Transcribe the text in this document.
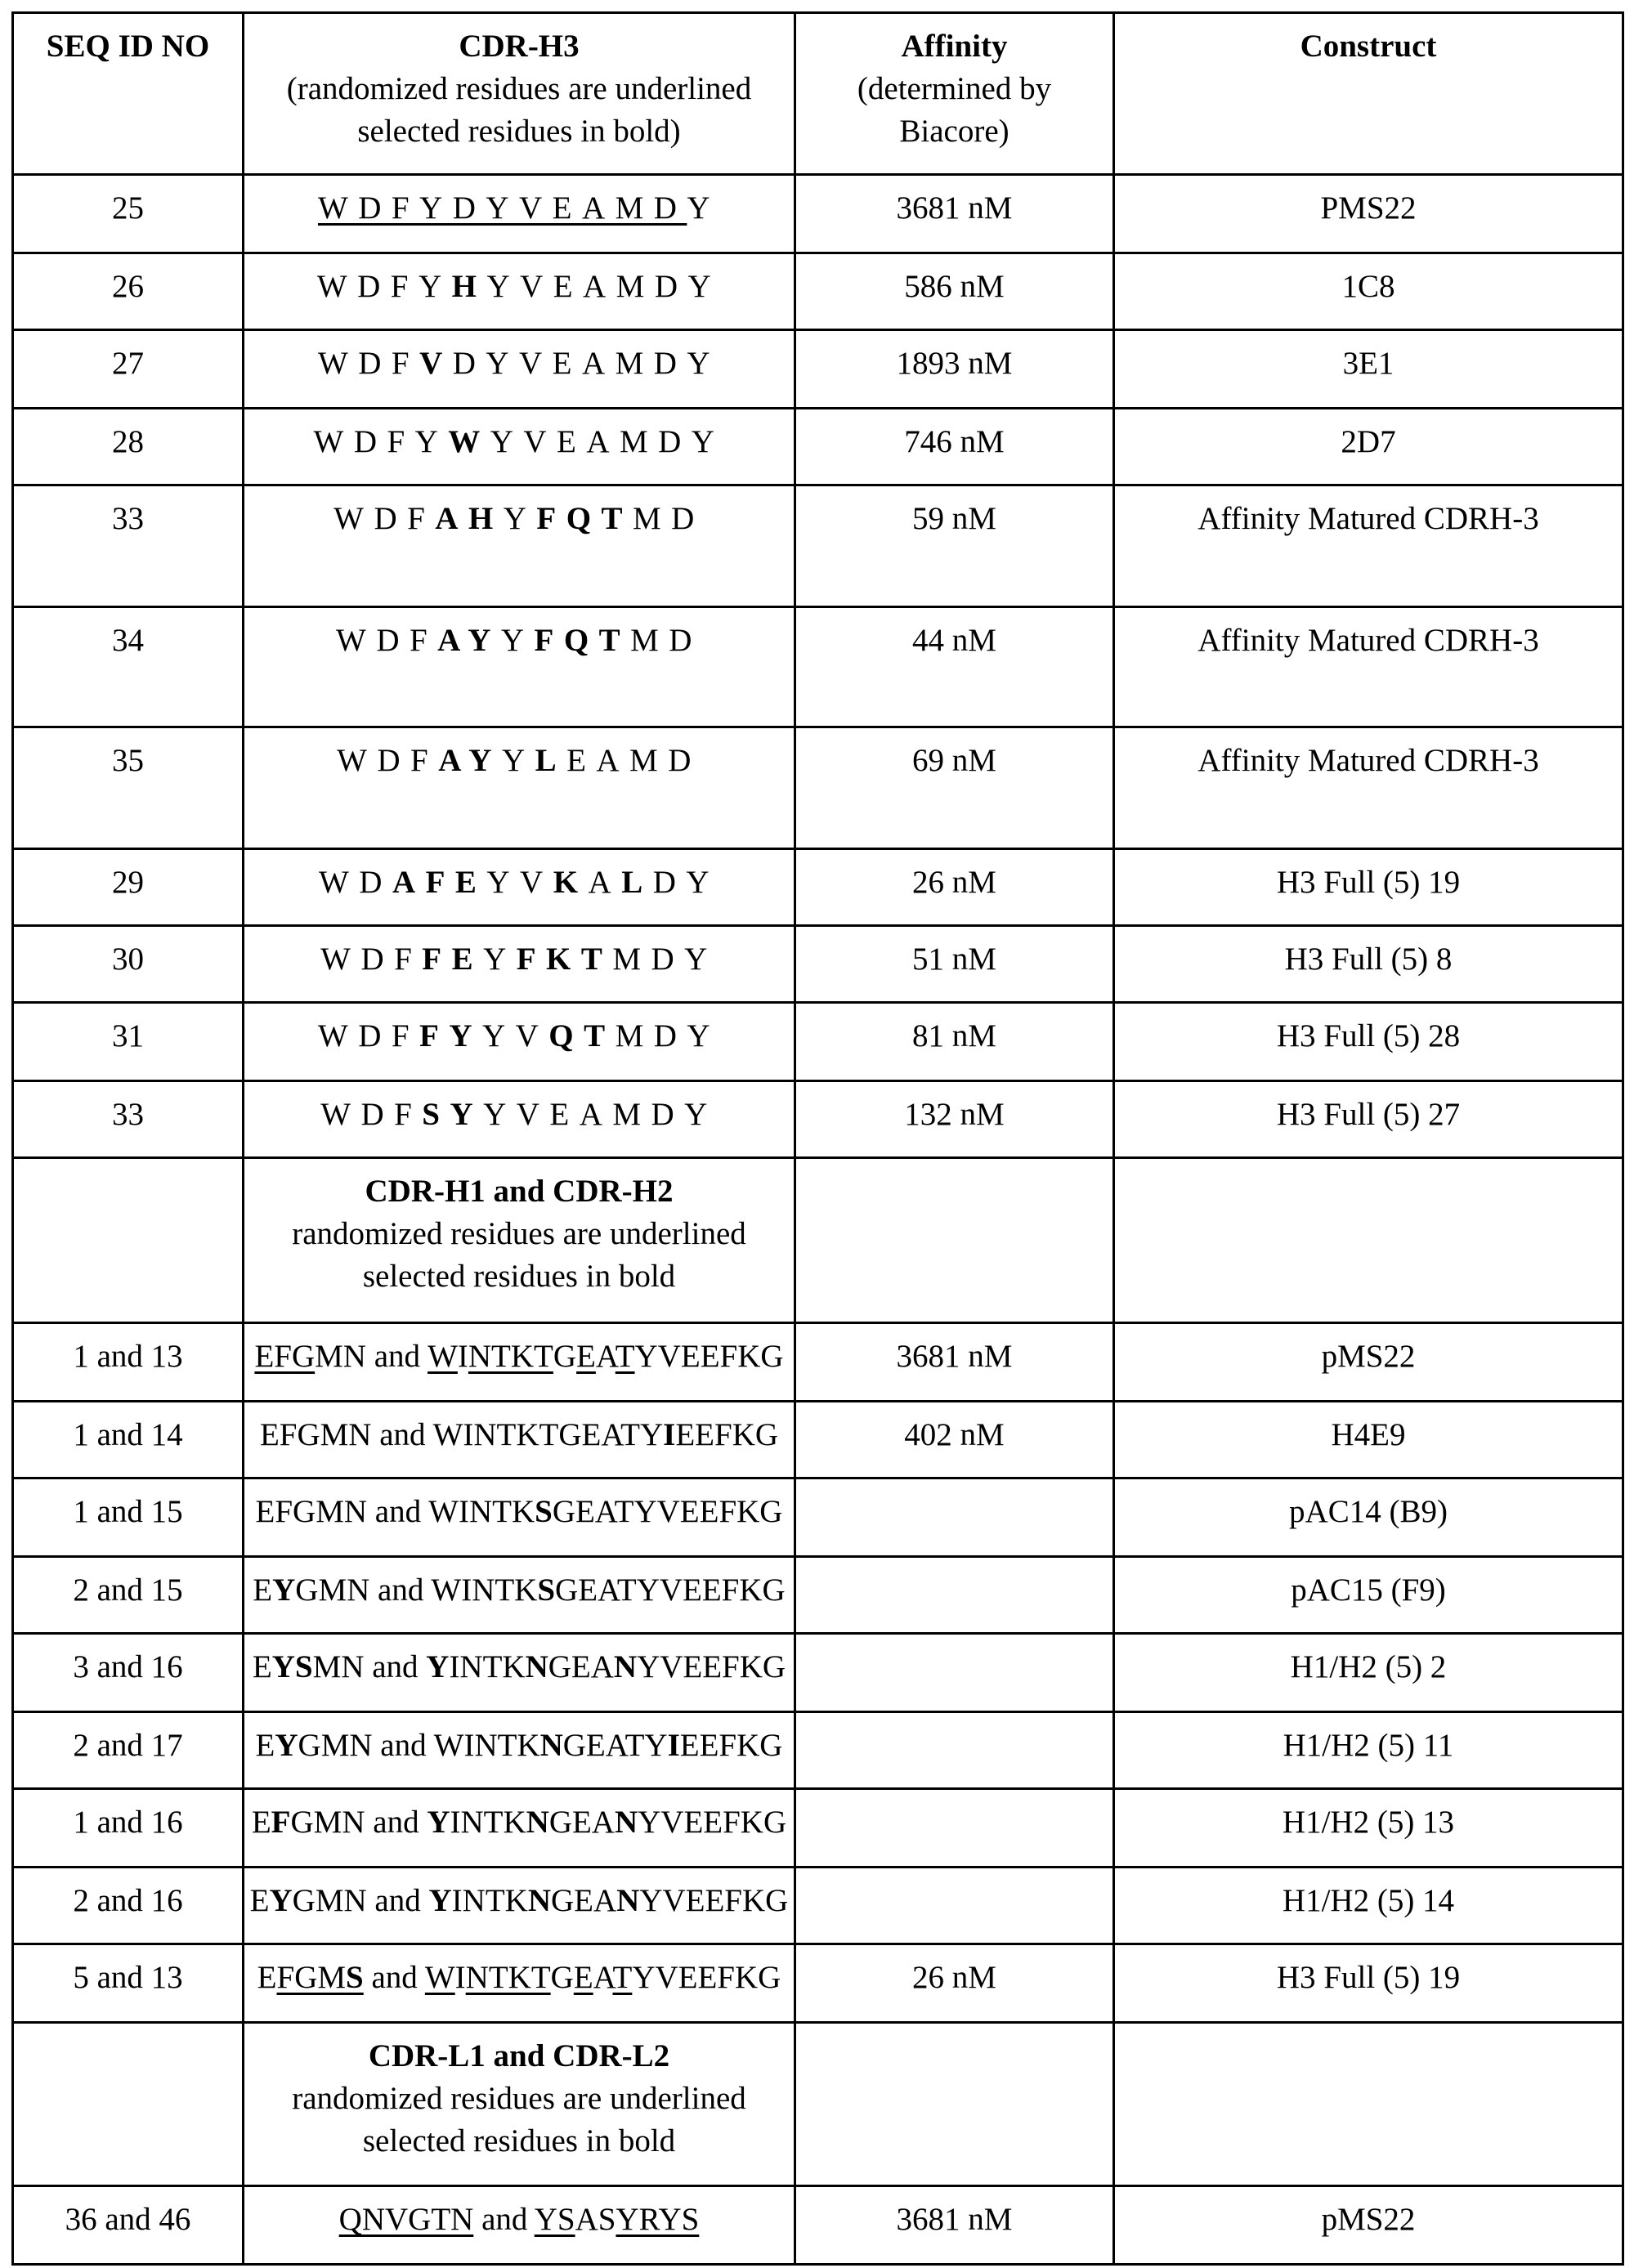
SEQ ID NO	CDR-H3
(randomized residues are underlined
selected residues in bold)

Affinity
(determined by
Biacore)
	Construct
25	WDFYDYVEAMDY	3681 nM	PMS22
26	WDFYHYVEAMDY	586 nM	1C8
27	WDFVDYVEAMDY	1893 nM	3E1
28	WDFYWYVEAMDY	746 nM	2D7
33	WDFAHYFQTMD	59 nM	Affinity Matured CDRH-3
34	WDFAYYFQTMD	44 nM	Affinity Matured CDRH-3
35	WDFAYYLEAMD	69 nM	Affinity Matured CDRH-3
29	WDAFEYVKALDY	26 nM	H3 Full (5) 19
30	WDFFEYFKTMDY	51 nM	H3 Full (5) 8
31	WDFFYYVQTMDY	81 nM	H3 Full (5) 28
33	WDFSYYVEAMDY	132 nM	H3 Full (5) 27

CDR-H1 and CDR-H2
randomized residues are underlined
selected residues in bold

1 and 13	EFGMN and WINTKTGEATYVEEFKG	3681 nM	pMS22
1 and 14	EFGMN and WINTKTGEATYIEEFKG	402 nM	H4E9
1 and 15	EFGMN and WINTKSGEATYVEEFKG		pAC14 (B9)
2 and 15	EYGMN and WINTKSGEATYVEEFKG		pAC15 (F9)
3 and 16	EYSMN and YINTKNGEANYVEEFKG		H1/H2 (5) 2
2 and 17	EYGMN and WINTKNGEATYIEEFKG		H1/H2 (5) 11
1 and 16	EFGMN and YINTKNGEANYVEEFKG		H1/H2 (5) 13
2 and 16	EYGMN and YINTKNGEANYVEEFKG		H1/H2 (5) 14
5 and 13	EFGMS and WINTKTGEATYVEEFKG	26 nM	H3 Full (5) 19

CDR-L1 and CDR-L2
randomized residues are underlined
selected residues in bold

36 and 46	QNVGTN and YSASYRYS	3681 nM	pMS22
